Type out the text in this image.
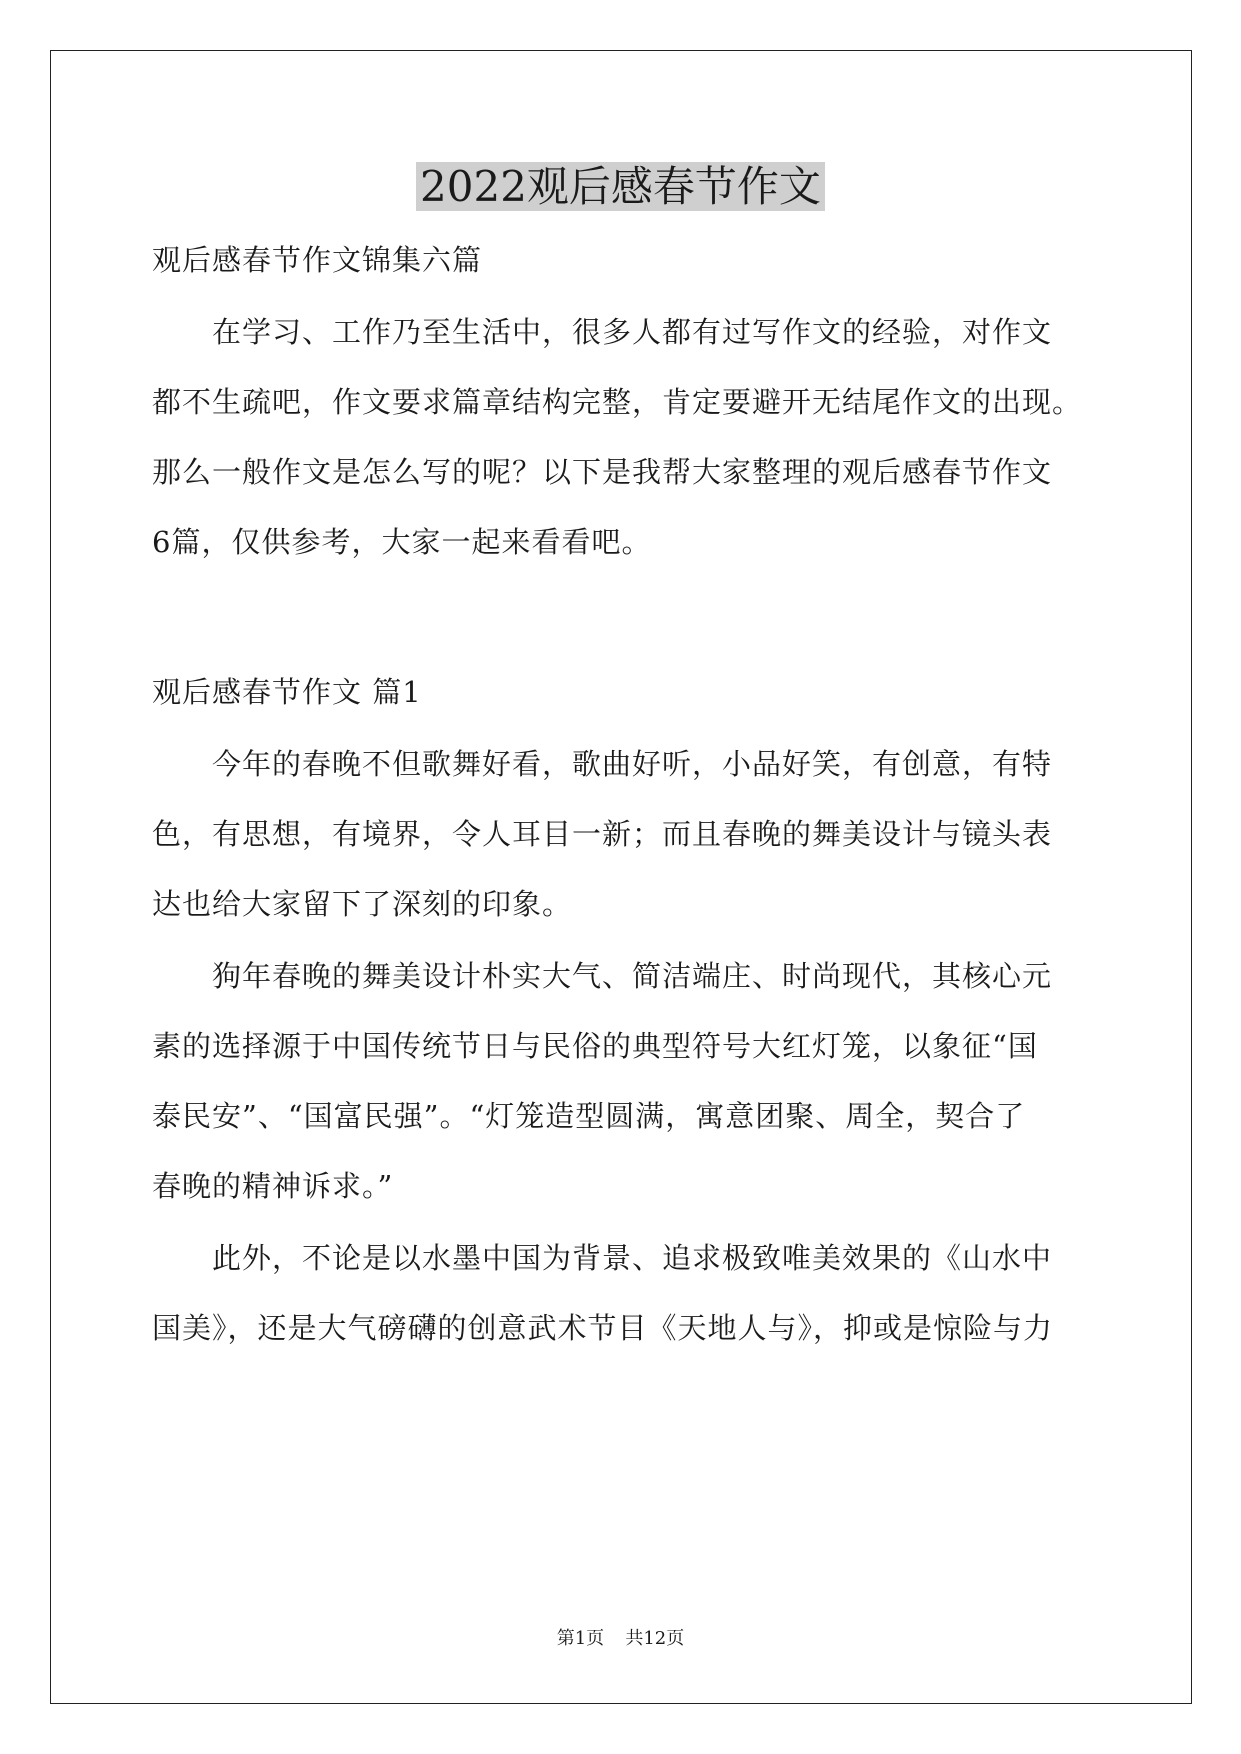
2022观后感春节作文
观后感春节作文锦集六篇
在学习、工作乃至生活中，很多人都有过写作文的经验，对作文
都不生疏吧，作文要求篇章结构完整，肯定要避开无结尾作文的出现。
那么一般作文是怎么写的呢？以下是我帮大家整理的观后感春节作文
6篇，仅供参考，大家一起来看看吧。
观后感春节作文 篇1
今年的春晚不但歌舞好看，歌曲好听，小品好笑，有创意，有特
色，有思想，有境界，令人耳目一新；而且春晚的舞美设计与镜头表
达也给大家留下了深刻的印象。
狗年春晚的舞美设计朴实大气、简洁端庄、时尚现代，其核心元
素的选择源于中国传统节日与民俗的典型符号大红灯笼，以象征“国
泰民安”、“国富民强”。“灯笼造型圆满，寓意团聚、周全，契合了
春晚的精神诉求。”
此外，不论是以水墨中国为背景、追求极致唯美效果的《山水中
国美》，还是大气磅礴的创意武术节目《天地人与》，抑或是惊险与力
第1页 共12页
